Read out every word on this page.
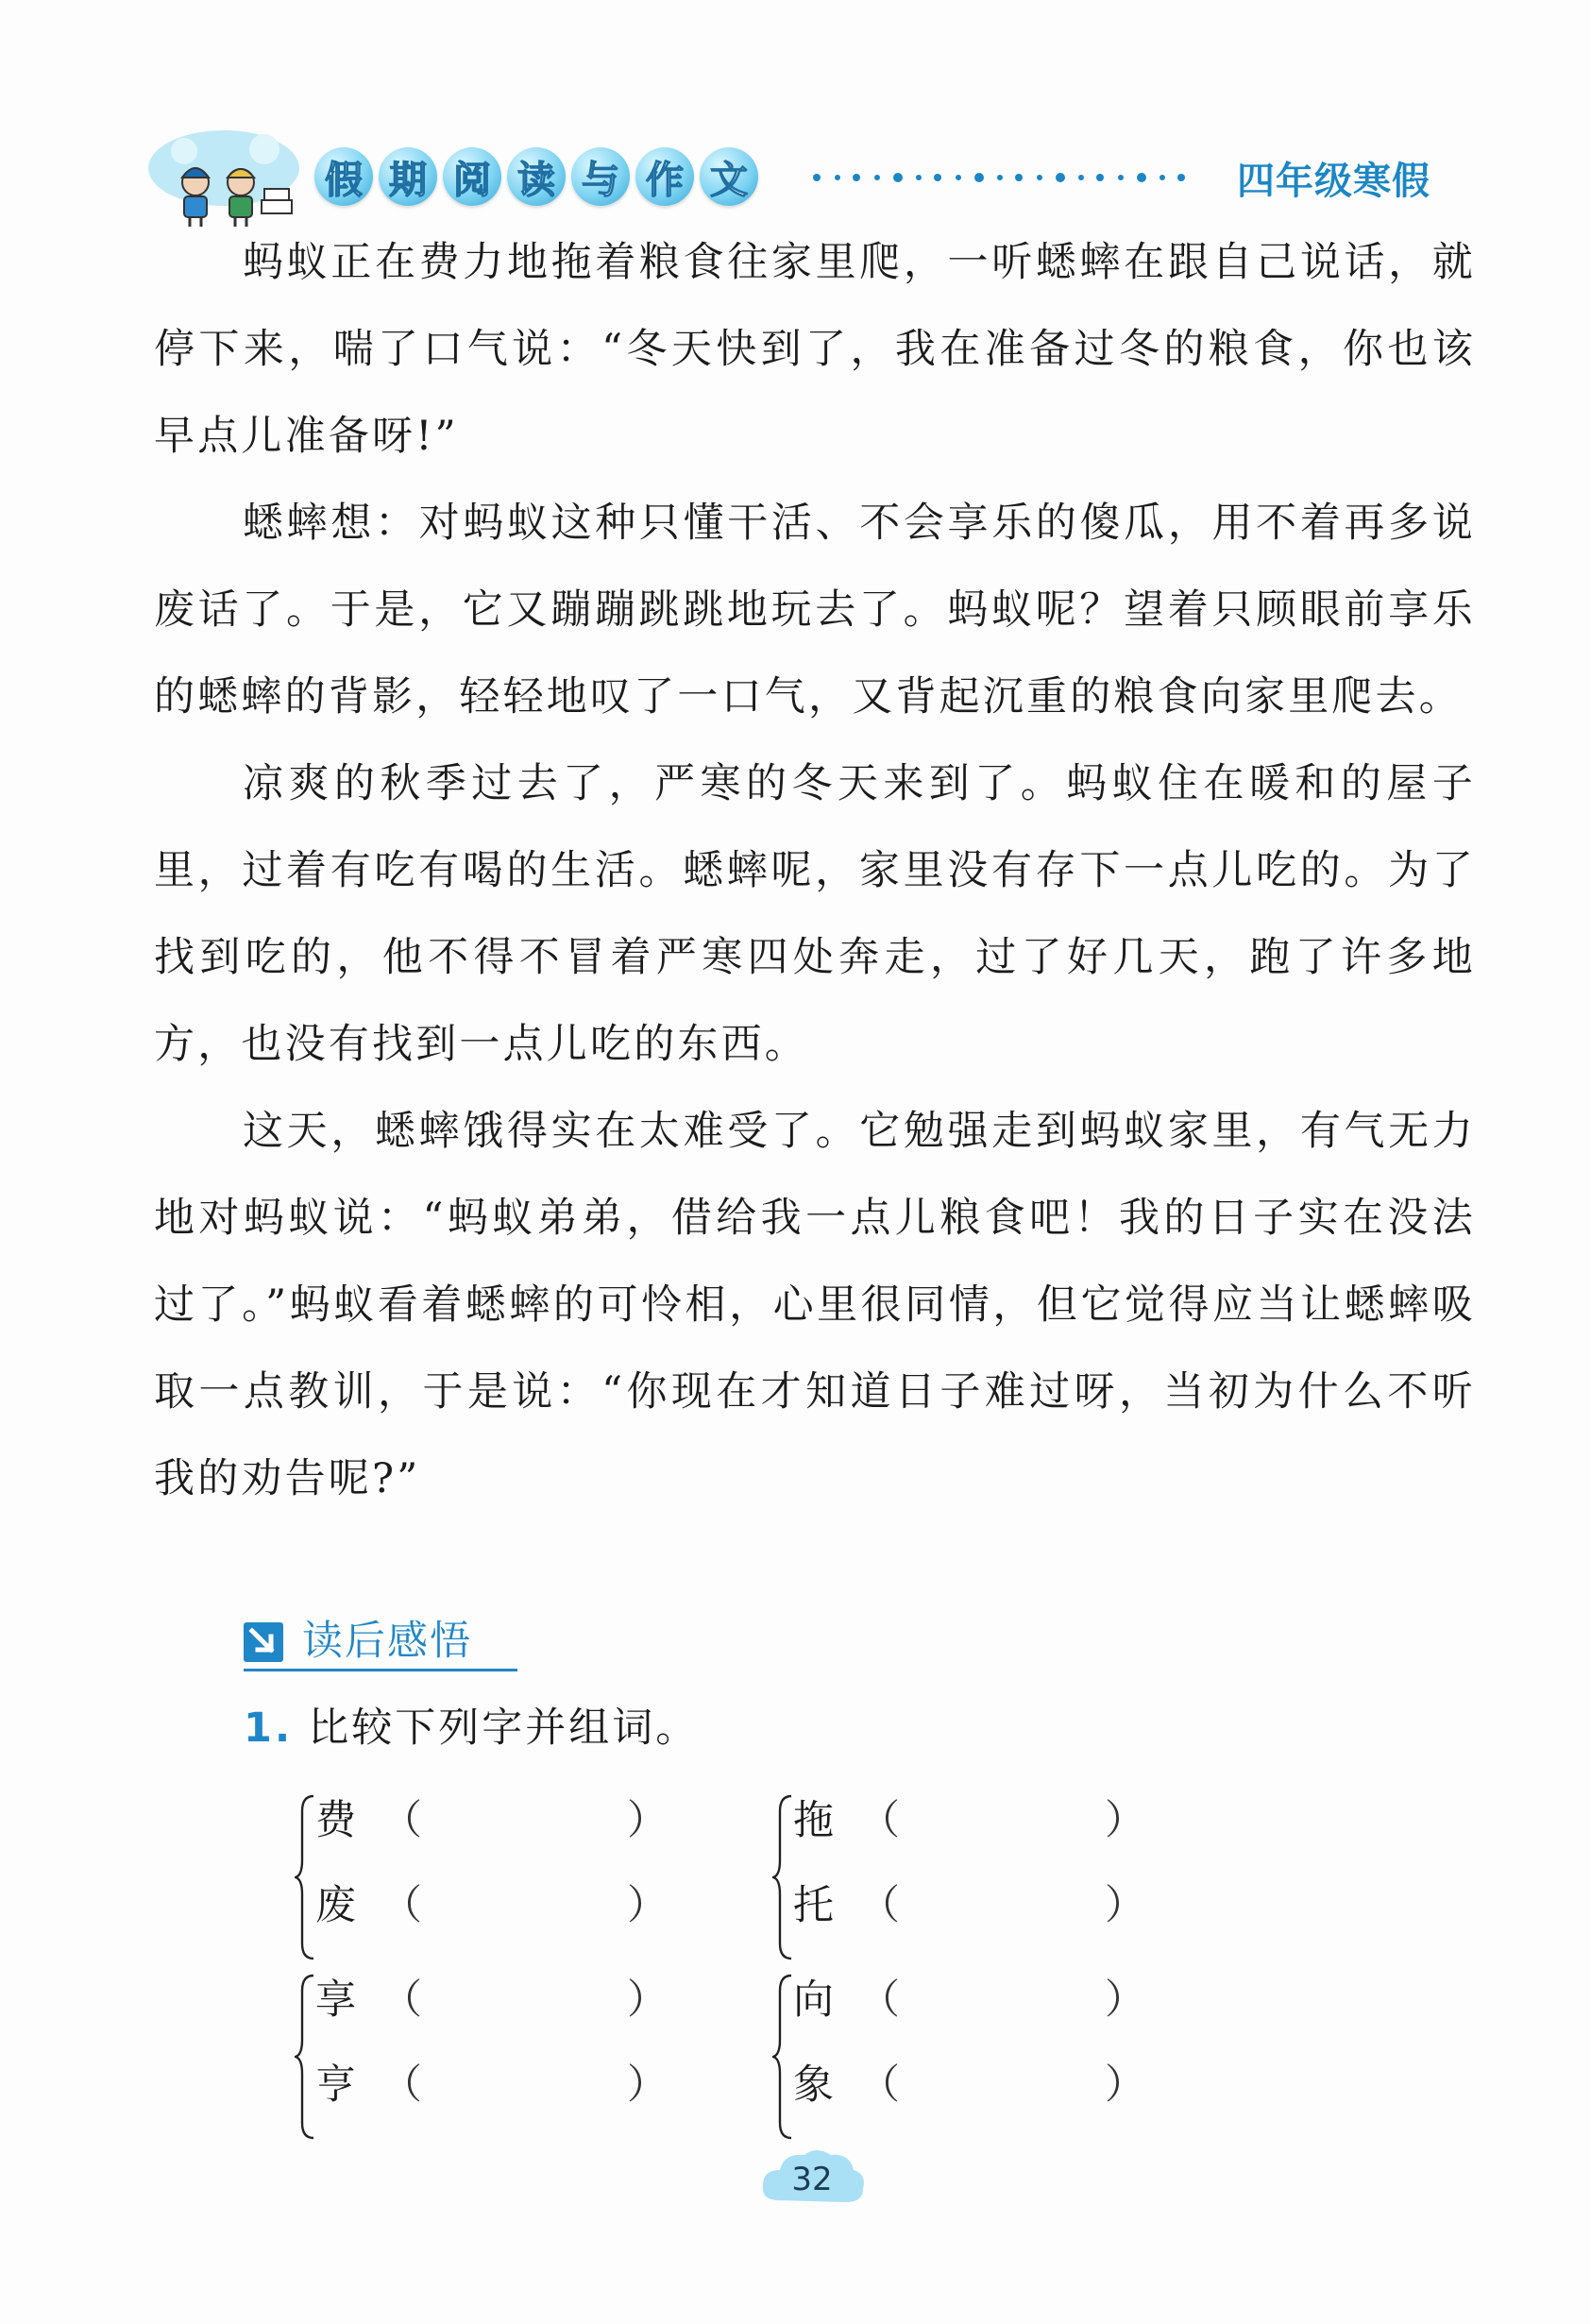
假 期 阅 读 与 作 文	四年级寒假

蚂蚁正在费力地拖着粮食往家里爬，一听蟋蟀在跟自己说话，就停下来，喘了口气说：“冬天快到了，我在准备过冬的粮食，你也该早点儿准备呀!”

蟋蟀想：对蚂蚁这种只懂干活、不会享乐的傻瓜，用不着再多说废话了。于是，它又蹦蹦跳跳地玩去了。蚂蚁呢？望着只顾眼前享乐的蟋蟀的背影，轻轻地叹了一口气，又背起沉重的粮食向家里爬去。

凉爽的秋季过去了，严寒的冬天来到了。蚂蚁住在暖和的屋子里，过着有吃有喝的生活。蟋蟀呢，家里没有存下一点儿吃的。为了找到吃的，他不得不冒着严寒四处奔走，过了好几天，跑了许多地方，也没有找到一点儿吃的东西。

这天，蟋蟀饿得实在太难受了。它勉强走到蚂蚁家里，有气无力地对蚂蚁说：“蚂蚁弟弟，借给我一点儿粮食吧！我的日子实在没法过了。”蚂蚁看着蟋蟀的可怜相，心里很同情，但它觉得应当让蟋蟀吸取一点教训，于是说：“你现在才知道日子难过呀，当初为什么不听我的劝告呢?”

读后感悟
1. 比较下列字并组词。
费 （	）
废 （	）
拖 （	）
托 （	）
享 （	）
亨 （	）
向 （	）
象 （	）
32
